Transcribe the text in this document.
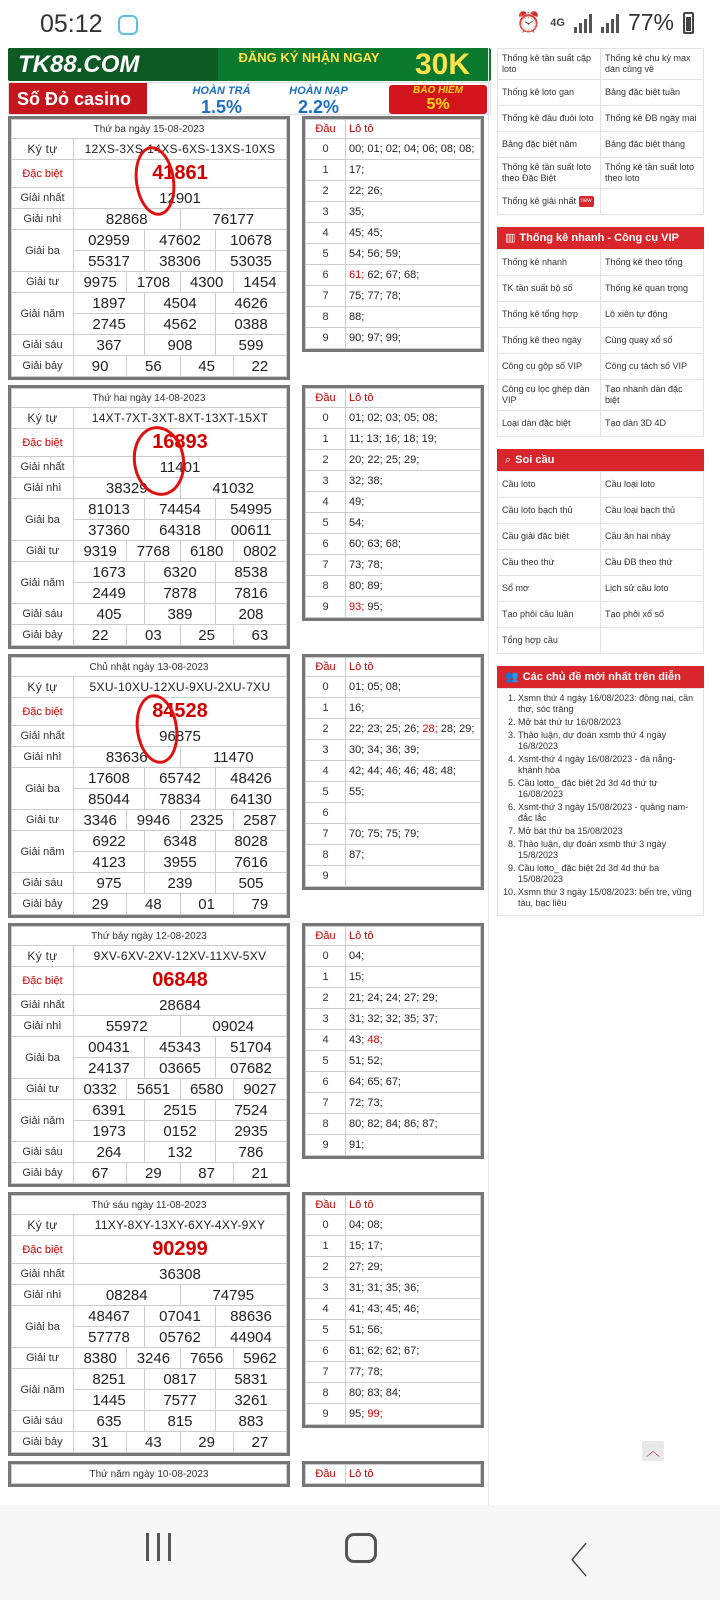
05:12	⏰ 4G	77%
TK88.COM	ĐĂNG KÝ NHẬN NGAY	30K
Số Đỏ casino	HOÀN TRẢ
1.5%
HOÀN NẠP
2.2%
BẢO HIỂM
5%
Thứ ba ngày 15-08-2023						
Ký tự	12XS-3XS-14XS-6XS-13XS-10XS					
Đặc biệt	41861					
Giải nhất	12901					
Giải nhì	82868			76177		
Giải ba	02959		47602		10678	
	55317		38306		53035	
Giải tư	9975	1708		4300		1454
Giải năm	1897		4504		4626	
	2745		4562		0388	
Giải sáu	367		908		599	
Giải bảy	90	56		45		22
Đầu	Lô tô
0	00; 01; 02; 04; 06; 08; 08;
1	17;
2	22; 26;
3	35;
4	45; 45;
5	54; 56; 59;
6	61; 62; 67; 68;
7	75; 77; 78;
8	88;
9	90; 97; 99;
Thứ hai ngày 14-08-2023						
Ký tự	14XT-7XT-3XT-8XT-13XT-15XT					
Đặc biệt	16893					
Giải nhất	11401					
Giải nhì	38329			41032		
Giải ba	81013		74454		54995	
	37360		64318		00611	
Giải tư	9319	7768		6180		0802
Giải năm	1673		6320		8538	
	2449		7878		7816	
Giải sáu	405		389		208	
Giải bảy	22	03		25		63
Đầu	Lô tô
0	01; 02; 03; 05; 08;
1	11; 13; 16; 18; 19;
2	20; 22; 25; 29;
3	32; 38;
4	49;
5	54;
6	60; 63; 68;
7	73; 78;
8	80; 89;
9	93; 95;
Chủ nhật ngày 13-08-2023						
Ký tự	5XU-10XU-12XU-9XU-2XU-7XU					
Đặc biệt	84528					
Giải nhất	96875					
Giải nhì	83636			11470		
Giải ba	17608		65742		48426	
	85044		78834		64130	
Giải tư	3346	9946		2325		2587
Giải năm	6922		6348		8028	
	4123		3955		7616	
Giải sáu	975		239		505	
Giải bảy	29	48		01		79
Đầu	Lô tô
0	01; 05; 08;
1	16;
2	22; 23; 25; 26; 28; 28; 29;
3	30; 34; 36; 39;
4	42; 44; 46; 46; 48; 48;
5	55;
6	
7	70; 75; 75; 79;
8	87;
9	
Thứ bảy ngày 12-08-2023						
Ký tự	9XV-6XV-2XV-12XV-11XV-5XV					
Đặc biệt	06848					
Giải nhất	28684					
Giải nhì	55972			09024		
Giải ba	00431		45343		51704	
	24137		03665		07682	
Giải tư	0332	5651		6580		9027
Giải năm	6391		2515		7524	
	1973		0152		2935	
Giải sáu	264		132		786	
Giải bảy	67	29		87		21
Đầu	Lô tô
0	04;
1	15;
2	21; 24; 24; 27; 29;
3	31; 32; 32; 35; 37;
4	43; 48;
5	51; 52;
6	64; 65; 67;
7	72; 73;
8	80; 82; 84; 86; 87;
9	91;
Thứ sáu ngày 11-08-2023						
Ký tự	11XY-8XY-13XY-6XY-4XY-9XY					
Đặc biệt	90299					
Giải nhất	36308					
Giải nhì	08284			74795		
Giải ba	48467		07041		88636	
	57778		05762		44904	
Giải tư	8380	3246		7656		5962
Giải năm	8251		0817		5831	
	1445		7577		3261	
Giải sáu	635		815		883	
Giải bảy	31	43		29		27
Đầu	Lô tô
0	04; 08;
1	15; 17;
2	27; 29;
3	31; 31; 35; 36;
4	41; 43; 45; 46;
5	51; 56;
6	61; 62; 62; 67;
7	77; 78;
8	80; 83; 84;
9	95; 99;
Thứ năm ngày 10-08-2023	Đầu	Lô tô
Thống kê tần suất cặp loto	Thống kê chu kỳ max dàn cùng về
Thống kê loto gan	Bảng đặc biệt tuần
Thống kê đầu đuôi loto	Thống kê ĐB ngày mai
Bảng đặc biệt năm	Bảng đặc biệt tháng
Thống kê tần suất loto theo Đặc Biệt	Thống kê tần suất loto theo loto
Thống kê giải nhất new	
▥ Thống kê nhanh - Công cụ VIP
Thống kê nhanh	Thống kê theo tổng
TK tần suất bộ số	Thống kê quan trọng
Thống kê tổng hợp	Lô xiên tự động
Thống kê theo ngày	Cùng quay xổ số
Công cụ gộp số VIP	Công cụ tách số VIP
Công cụ lọc ghép dàn VIP	Tạo nhanh dàn đặc biệt
Loại dàn đặc biệt	Tạo dàn 3D 4D
⌕ Soi cầu
Cầu loto	Cầu loại loto
Cầu loto bạch thủ	Cầu loại bạch thủ
Cầu giải đặc biệt	Cầu ăn hai nháy
Cầu theo thứ	Cầu ĐB theo thứ
Sổ mơ	Lịch sử cầu loto
Tạo phôi cầu luân	Tạo phôi xổ số
Tổng hợp cầu	
👥 Các chủ đề mới nhất trên diễn đàn
1. Xsmn thứ 4 ngày 16/08/2023: đồng nai, cần thơ, sóc trăng
2. Mở bát thứ tư 16/08/2023
3. Thảo luận, dự đoán xsmb thứ 4 ngày 16/8/2023
4. Xsmt-thứ 4 ngày 16/08/2023 - đà nẵng-khánh hòa
5. Cầu lotto_ đặc biệt 2d 3d 4d thứ tư 16/08/2023
6. Xsmt-thứ 3 ngày 15/08/2023 - quảng nam-đắc lắc
7. Mở bát thứ ba 15/08/2023
8. Thảo luận, dự đoán xsmb thứ 3 ngày 15/8/2023
9. Cầu lotto_ đặc biệt 2d 3d 4d thứ ba 15/08/2023
10. Xsmn thứ 3 ngày 15/08/2023: bến tre, vũng tàu, bạc liêu
︿
〈
